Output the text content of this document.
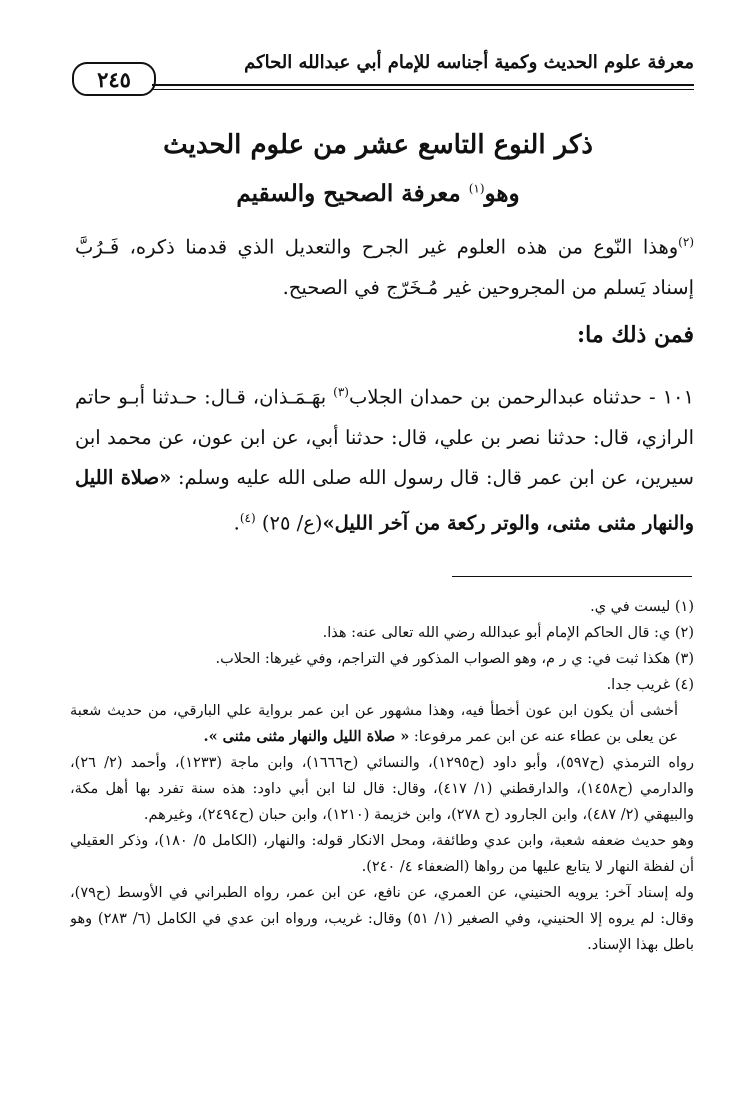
معرفة علوم الحديث وكمية أجناسه للإمام أبي عبدالله الحاكم
٢٤٥
ذكر النوع التاسع عشر من علوم الحديث
وهو$^{(١)}$ معرفة الصحيح والسقيم
$^{(٢)}$وهذا النّوع من هذه العلوم غير الجرح والتعديل الذي قدمنا ذكره، فَـرُبَّ إسناد يَسلم من المجروحين غير مُـخَرّج في الصحيح.
فمن ذلك ما:
١٠١ - حدثناه عبدالرحمن بن حمدان الجلاب$^{(٣)}$ بهَـمَـذان، قـال: حـدثنا أبـو حاتم الرازي، قال: حدثنا نصر بن علي، قال: حدثنا أبي، عن ابن عون، عن محمد ابن سيرين، عن ابن عمر قال: قال رسول الله صلى الله عليه وسلم: «صلاة الليل والنهار مثنى مثنى، والوتر ركعة من آخر الليل»(ع/ ٢٥) $^{(٤)}$.
(١) ليست في ي.
(٢) ي: قال الحاكم الإمام أبو عبدالله رضي الله تعالى عنه: هذا.
(٣) هكذا ثبت في: ي ر م، وهو الصواب المذكور في التراجم، وفي غيرها: الحلاب.
(٤) غريب جدا.
أخشى أن يكون ابن عون أخطأ فيه، وهذا مشهور عن ابن عمر برواية علي البارقي، من حديث شعبة عن يعلى بن عطاء عنه عن ابن عمر مرفوعا: « صلاة الليل والنهار مثنى مثنى ».
رواه الترمذي (ح٥٩٧)، وأبو داود (ح١٢٩٥)، والنسائي (ح١٦٦٦)، وابن ماجة (١٢٣٣)، وأحمد (٢/ ٢٦)، والدارمي (ح١٤٥٨)، والدارقطني (١/ ٤١٧)، وقال: قال لنا ابن أبي داود: هذه سنة تفرد بها أهل مكة، والبيهقي (٢/ ٤٨٧)، وابن الجارود (ح ٢٧٨)، وابن خزيمة (١٢١٠)، وابن حبان (ح٢٤٩٤)، وغيرهم.
وهو حديث ضعفه شعبة، وابن عدي وطائفة، ومحل الانكار قوله: والنهار، (الكامل ٥/ ١٨٠)، وذكر العقيلي أن لفظة النهار لا يتابع عليها من رواها (الضعفاء ٤/ ٢٤٠).
وله إسناد آخر: يرويه الحنيني، عن العمري، عن نافع، عن ابن عمر، رواه الطبراني في الأوسط (ح٧٩)، وقال: لم يروه إلا الحنيني، وفي الصغير (١/ ٥١) وقال: غريب، ورواه ابن عدي في الكامل (٦/ ٢٨٣) وهو باطل بهذا الإسناد.
